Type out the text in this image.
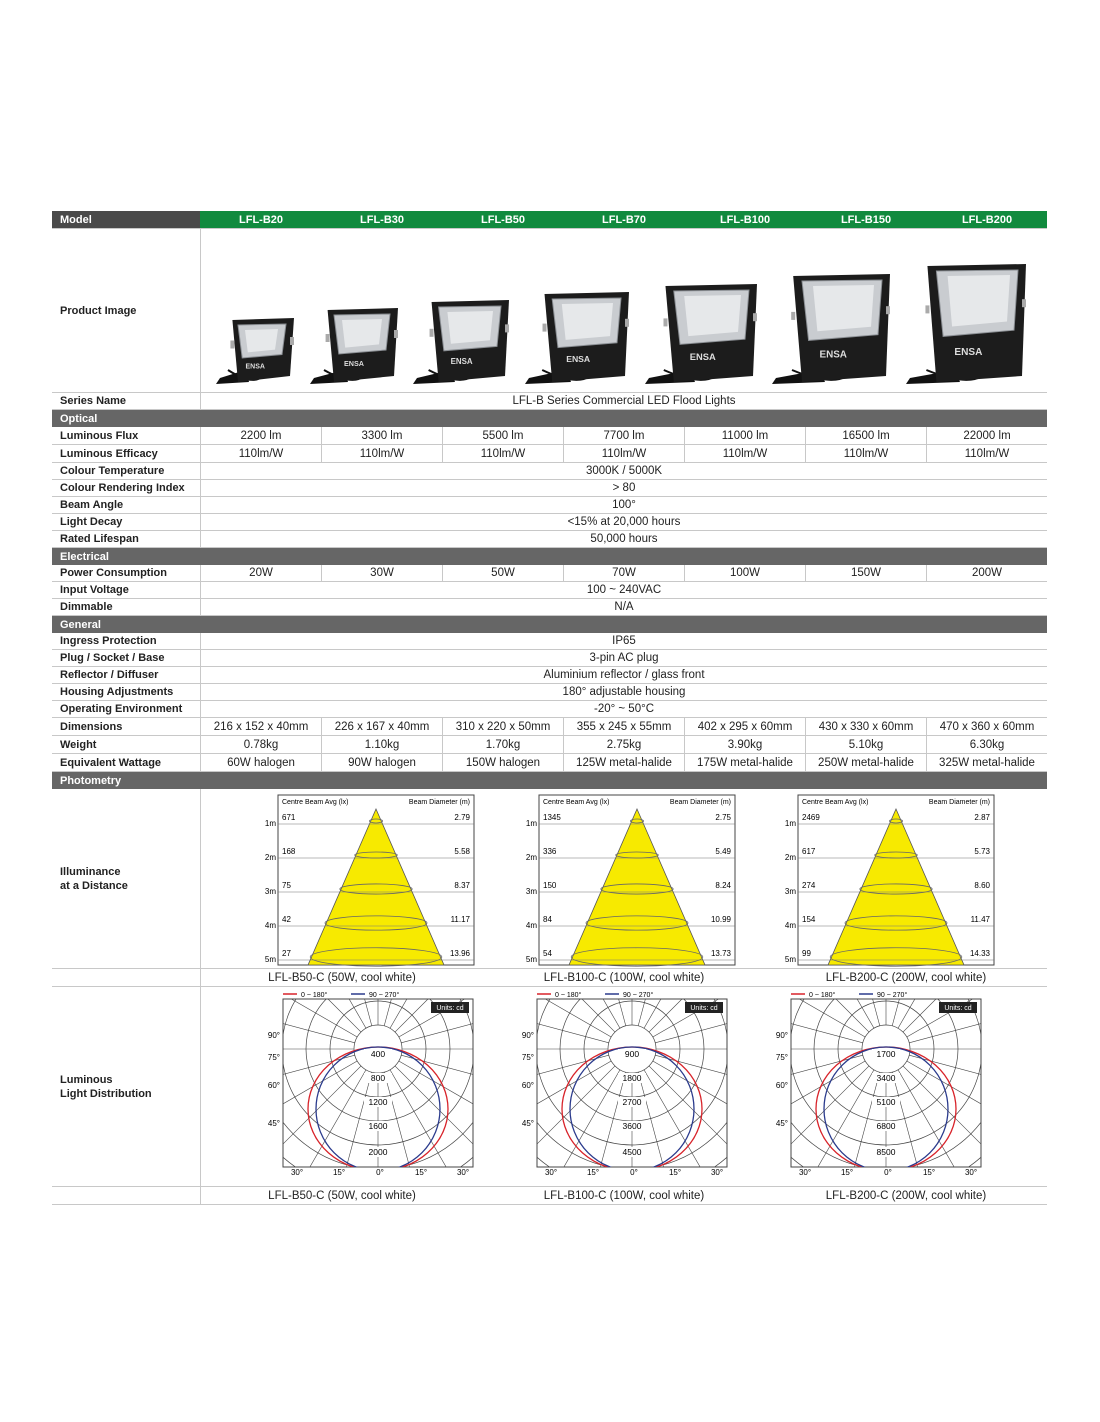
Model	LFL-B20	LFL-B30	LFL-B50	LFL-B70	LFL-B100	LFL-B150	LFL-B200
Product Image
ENSA	ENSA	ENSA	ENSA	ENSA	ENSA	ENSA
Series Name	LFL-B Series Commercial LED Flood Lights
Optical
Luminous Flux	2200 lm	3300 lm	5500 lm	7700 lm	11000 lm	16500 lm	22000 lm
Luminous Efficacy	110lm/W	110lm/W	110lm/W	110lm/W	110lm/W	110lm/W	110lm/W
Colour Temperature	3000K / 5000K
Colour Rendering Index	> 80
Beam Angle	100°
Light Decay	<15% at 20,000 hours
Rated Lifespan	50,000 hours
Electrical
Power Consumption	20W	30W	50W	70W	100W	150W	200W
Input Voltage	100 ~ 240VAC
Dimmable	N/A
General
Ingress Protection	IP65
Plug / Socket / Base	3-pin AC plug
Reflector / Diffuser	Aluminium reflector / glass front
Housing Adjustments	180° adjustable housing
Operating Environment	-20° ~ 50°C
Dimensions	216 x 152 x 40mm	226 x 167 x 40mm	310 x 220 x 50mm	355 x 245 x 55mm	402 x 295 x 60mm	430 x 330 x 60mm	470 x 360 x 60mm
Weight	0.78kg	1.10kg	1.70kg	2.75kg	3.90kg	5.10kg	6.30kg
Equivalent Wattage	60W halogen	90W halogen	150W halogen	125W metal-halide	175W metal-halide	250W metal-halide	325W metal-halide
Photometry
Illuminance
at a Distance
Centre Beam Avg (lx)	Beam Diameter (m)
671	2.79
1m
168	5.58
2m
75	8.37
3m
42	11.17
4m
27	13.96
5m
Centre Beam Avg (lx)	Beam Diameter (m)
1345	2.75
1m
336	5.49
2m
150	8.24
3m
84	10.99
4m
54	13.73
5m
Centre Beam Avg (lx)	Beam Diameter (m)
2469	2.87
1m
617	5.73
2m
274	8.60
3m
154	11.47
4m
99	14.33
5m
LFL-B50-C (50W, cool white)	LFL-B100-C (100W, cool white)	LFL-B200-C (200W, cool white)
Luminous
Light Distribution
0 ~ 180°	90 ~ 270°
Units: cd
400
800
1200
1600
2000
90°
75°
60°
45°
30°	15°	0°	15°	30°
0 ~ 180°	90 ~ 270°
Units: cd
900
1800
2700
3600
4500
90°
75°
60°
45°
30°	15°	0°	15°	30°
0 ~ 180°	90 ~ 270°
Units: cd
1700
3400
5100
6800
8500
90°
75°
60°
45°
30°	15°	0°	15°	30°
LFL-B50-C (50W, cool white)	LFL-B100-C (100W, cool white)	LFL-B200-C (200W, cool white)
